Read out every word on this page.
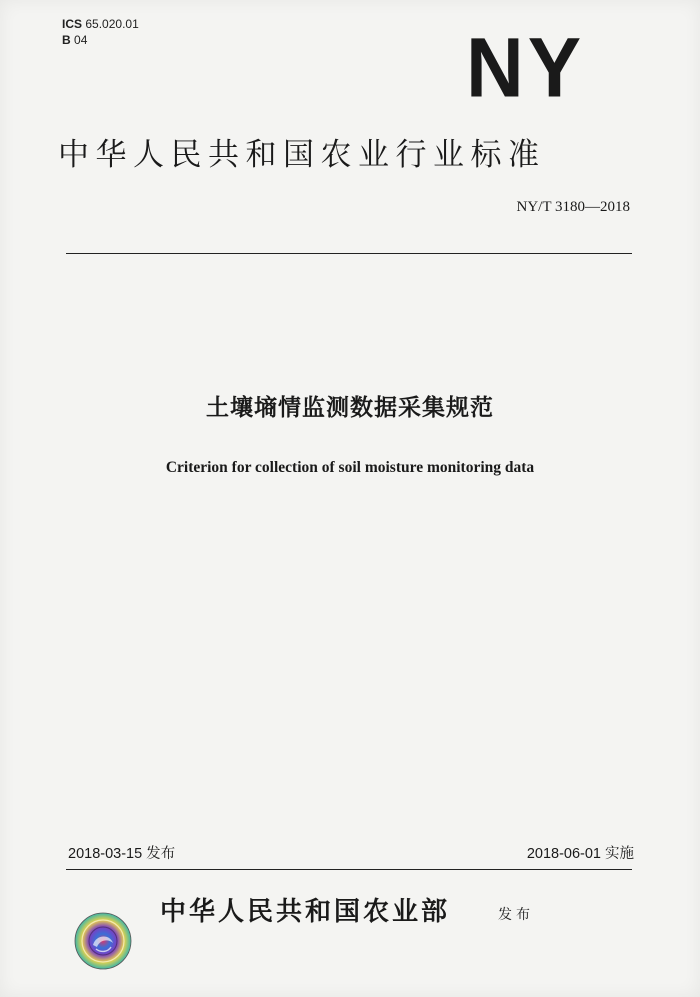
ICS 65.020.01
B 04	NY
中华人民共和国农业行业标准
NY/T 3180—2018
土壤墒情监测数据采集规范
Criterion for collection of soil moisture monitoring data
2018-03-15 发布	2018-06-01 实施
中华人民共和国农业部	发布
